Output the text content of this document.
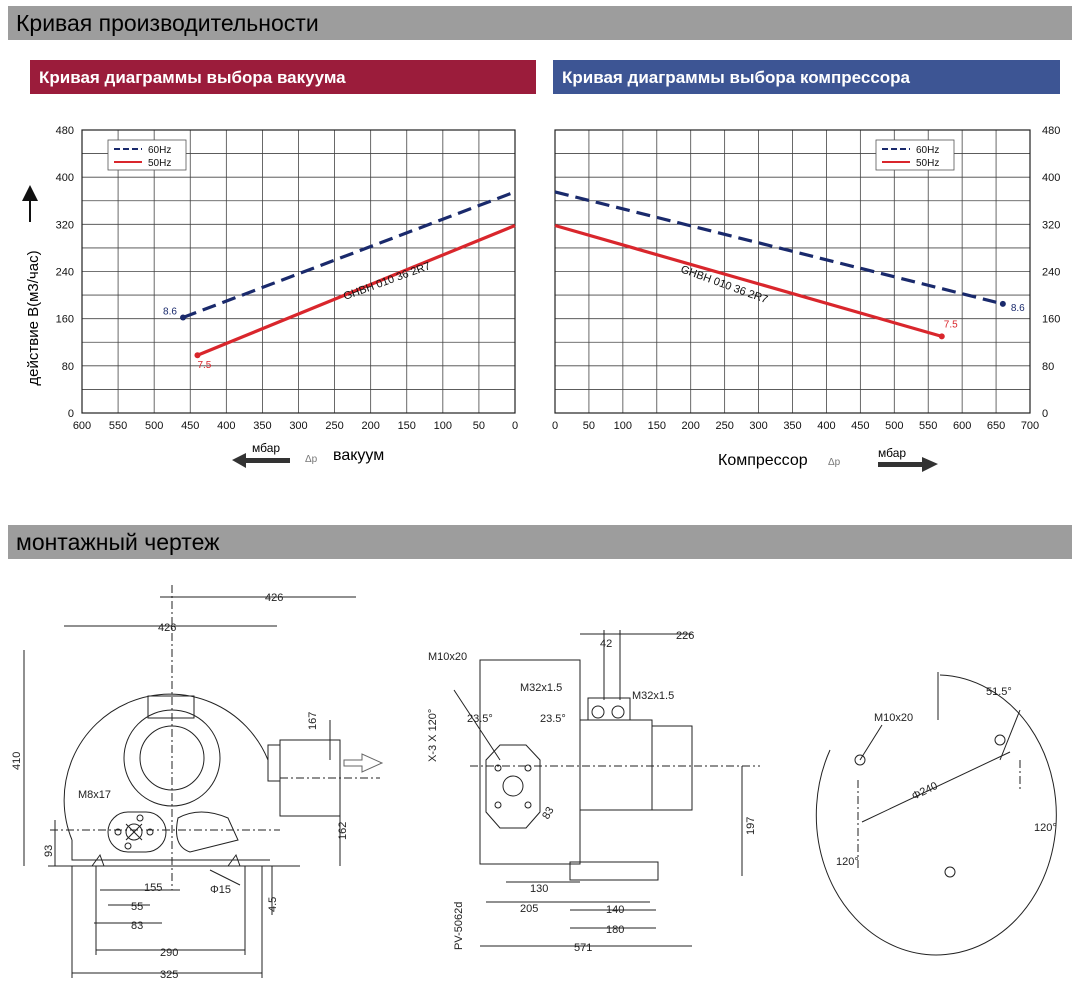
Кривая производительности
Кривая диаграммы выбора вакуума	Кривая диаграммы выбора компрессора
монтажный чертеж
действие В(м3/час)
мбар
Δp вакуум	Компрессор Δp
мбар
600 550 500 450 400 350 300 250 200 150 100 50 0
480
400
320
240
160
80
0
60Hz
50Hz
8.6
7.5
GHBH 010 36 2R7
0 50 100 150 200 250 300 350 400 450 500 550 600 650 700
480
400
320
240
160
80
0
60Hz
50Hz
8.6
7.5
GHBH 010 36 2R7
426
426
410
167
162
93
155
55
83
290
325
4.5
M8x17
Φ15
42
226
197
130
205	140
180
571
83
M10x20
M32x1.5
M32x1.5
23.5°	23.5°
X-3 X 120°
PV-5062d
51.5°
M10x20
Φ240
120°
120°
